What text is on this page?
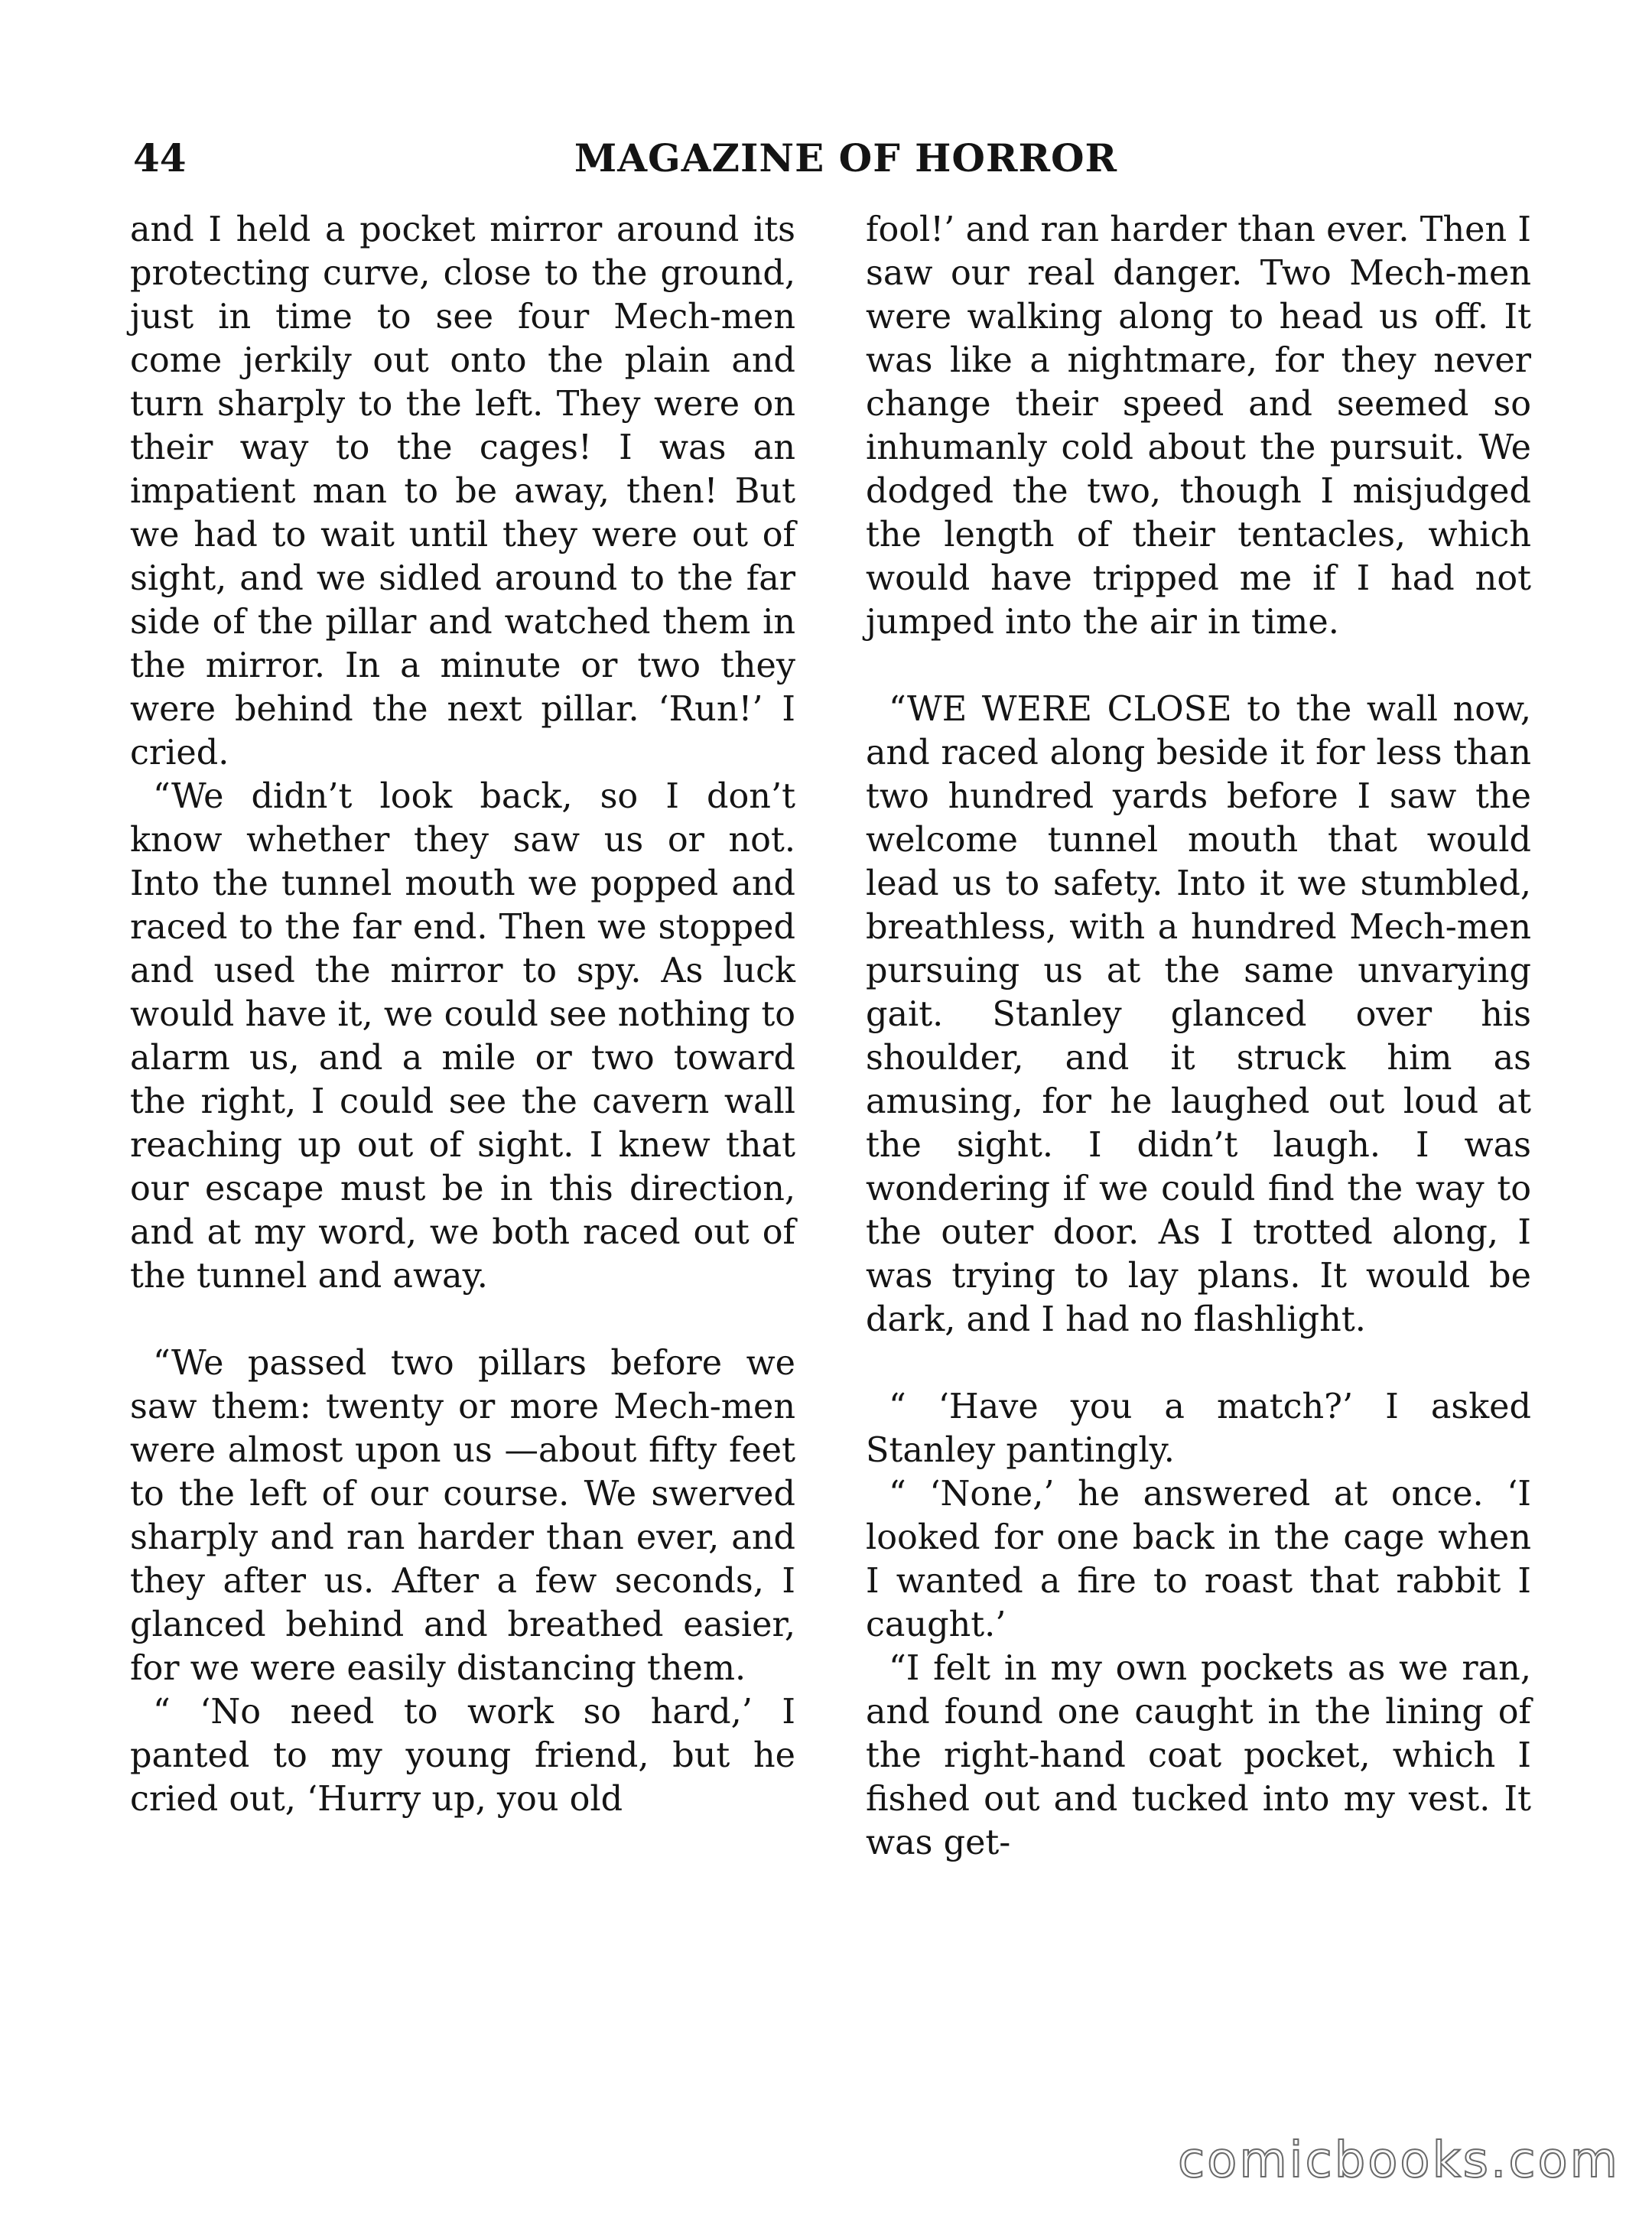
44	MAGAZINE OF HORROR

and I held a pocket mirror around its protecting curve, close to the ground, just in time to see four Mech-men come jerkily out onto the plain and turn sharply to the left. They were on their way to the cages! I was an impatient man to be away, then! But we had to wait until they were out of sight, and we sidled around to the far side of the pillar and watched them in the mirror. In a minute or two they were behind the next pillar. ‘Run!’ I cried.

“We didn’t look back, so I don’t know whether they saw us or not. Into the tunnel mouth we popped and raced to the far end. Then we stopped and used the mirror to spy. As luck would have it, we could see nothing to alarm us, and a mile or two toward the right, I could see the cavern wall reaching up out of sight. I knew that our escape must be in this direction, and at my word, we both raced out of the tunnel and away.

“We passed two pillars before we saw them: twenty or more Mech-men were almost upon us —about fifty feet to the left of our course. We swerved sharply and ran harder than ever, and they after us. After a few seconds, I glanced behind and breathed easier, for we were easily distancing them.

“ ‘No need to work so hard,’ I panted to my young friend, but he cried out, ‘Hurry up, you old

fool!’ and ran harder than ever. Then I saw our real danger. Two Mech-men were walking along to head us off. It was like a nightmare, for they never change their speed and seemed so inhumanly cold about the pursuit. We dodged the two, though I misjudged the length of their tentacles, which would have tripped me if I had not jumped into the air in time.

“WE WERE CLOSE to the wall now, and raced along beside it for less than two hundred yards before I saw the welcome tunnel mouth that would lead us to safety. Into it we stumbled, breathless, with a hundred Mech-men pursuing us at the same unvarying gait. Stanley glanced over his shoulder, and it struck him as amusing, for he laughed out loud at the sight. I didn’t laugh. I was wondering if we could find the way to the outer door. As I trotted along, I was trying to lay plans. It would be dark, and I had no flashlight.

“ ‘Have you a match?’ I asked Stanley pantingly.

“ ‘None,’ he answered at once. ‘I looked for one back in the cage when I wanted a fire to roast that rabbit I caught.’

“I felt in my own pockets as we ran, and found one caught in the lining of the right-hand coat pocket, which I fished out and tucked into my vest. It was get-

comicbooks.com
